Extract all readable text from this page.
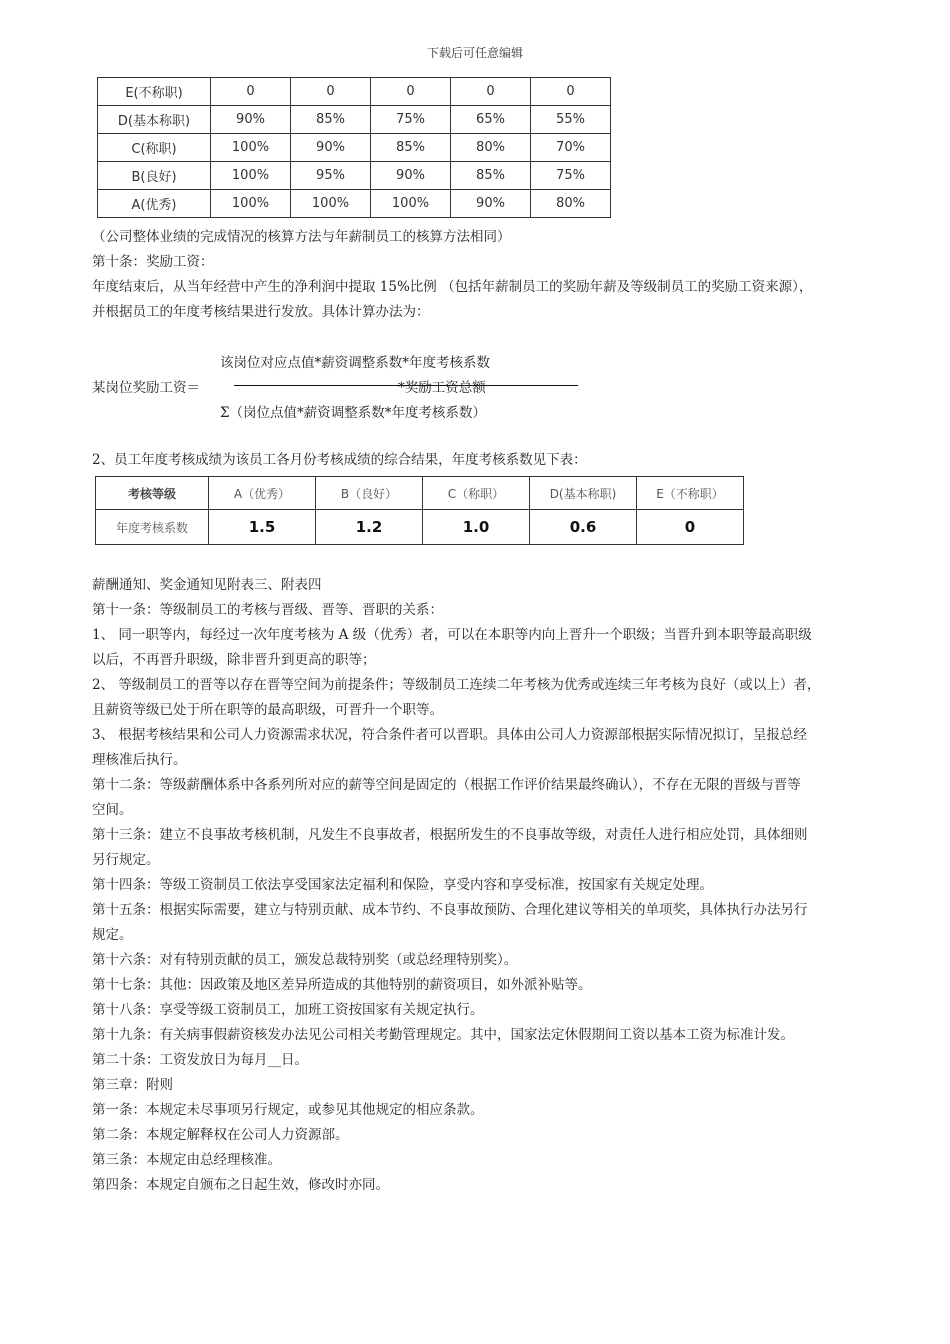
下载后可任意编辑
E(不称职)	0	0	0	0	0
D(基本称职)	90%	85%	75%	65%	55%
C(称职)	100%	90%	85%	80%	70%
B(良好)	100%	95%	90%	85%	75%
A(优秀)	100%	100%	100%	90%	80%
（公司整体业绩的完成情况的核算方法与年薪制员工的核算方法相同）
第十条：奖励工资：
年度结束后，从当年经营中产生的净利润中提取 15%比例 （包括年薪制员工的奖励年薪及等级制员工的奖励工资来源），
并根据员工的年度考核结果进行发放。具体计算办法为：
该岗位对应点值*薪资调整系数*年度考核系数
某岗位奖励工资＝	*奖励工资总额
Σ（岗位点值*薪资调整系数*年度考核系数）
2、员工年度考核成绩为该员工各月份考核成绩的综合结果，年度考核系数见下表：
考核等级	A（优秀）	B（良好）	C（称职）	D(基本称职)	E（不称职）
年度考核系数	1.5	1.2	1.0	0.6	0
薪酬通知、奖金通知见附表三、附表四
第十一条：等级制员工的考核与晋级、晋等、晋职的关系：
1、 同一职等内，每经过一次年度考核为 A 级（优秀）者，可以在本职等内向上晋升一个职级；当晋升到本职等最高职级
以后，不再晋升职级，除非晋升到更高的职等；
2、 等级制员工的晋等以存在晋等空间为前提条件；等级制员工连续二年考核为优秀或连续三年考核为良好（或以上）者，
且薪资等级已处于所在职等的最高职级，可晋升一个职等。
3、 根据考核结果和公司人力资源需求状况，符合条件者可以晋职。具体由公司人力资源部根据实际情况拟订，呈报总经
理核准后执行。
第十二条：等级薪酬体系中各系列所对应的薪等空间是固定的（根据工作评价结果最终确认），不存在无限的晋级与晋等
空间。
第十三条：建立不良事故考核机制，凡发生不良事故者，根据所发生的不良事故等级，对责任人进行相应处罚，具体细则
另行规定。
第十四条：等级工资制员工依法享受国家法定福利和保险，享受内容和享受标准，按国家有关规定处理。
第十五条：根据实际需要，建立与特别贡献、成本节约、不良事故预防、合理化建议等相关的单项奖，具体执行办法另行
规定。
第十六条：对有特别贡献的员工，颁发总裁特别奖（或总经理特别奖）。
第十七条：其他：因政策及地区差异所造成的其他特别的薪资项目，如外派补贴等。
第十八条：享受等级工资制员工，加班工资按国家有关规定执行。
第十九条：有关病事假薪资核发办法见公司相关考勤管理规定。其中，国家法定休假期间工资以基本工资为标准计发。
第二十条：工资发放日为每月__日。
第三章：附则
第一条：本规定未尽事项另行规定，或参见其他规定的相应条款。
第二条：本规定解释权在公司人力资源部。
第三条：本规定由总经理核准。
第四条：本规定自颁布之日起生效，修改时亦同。
